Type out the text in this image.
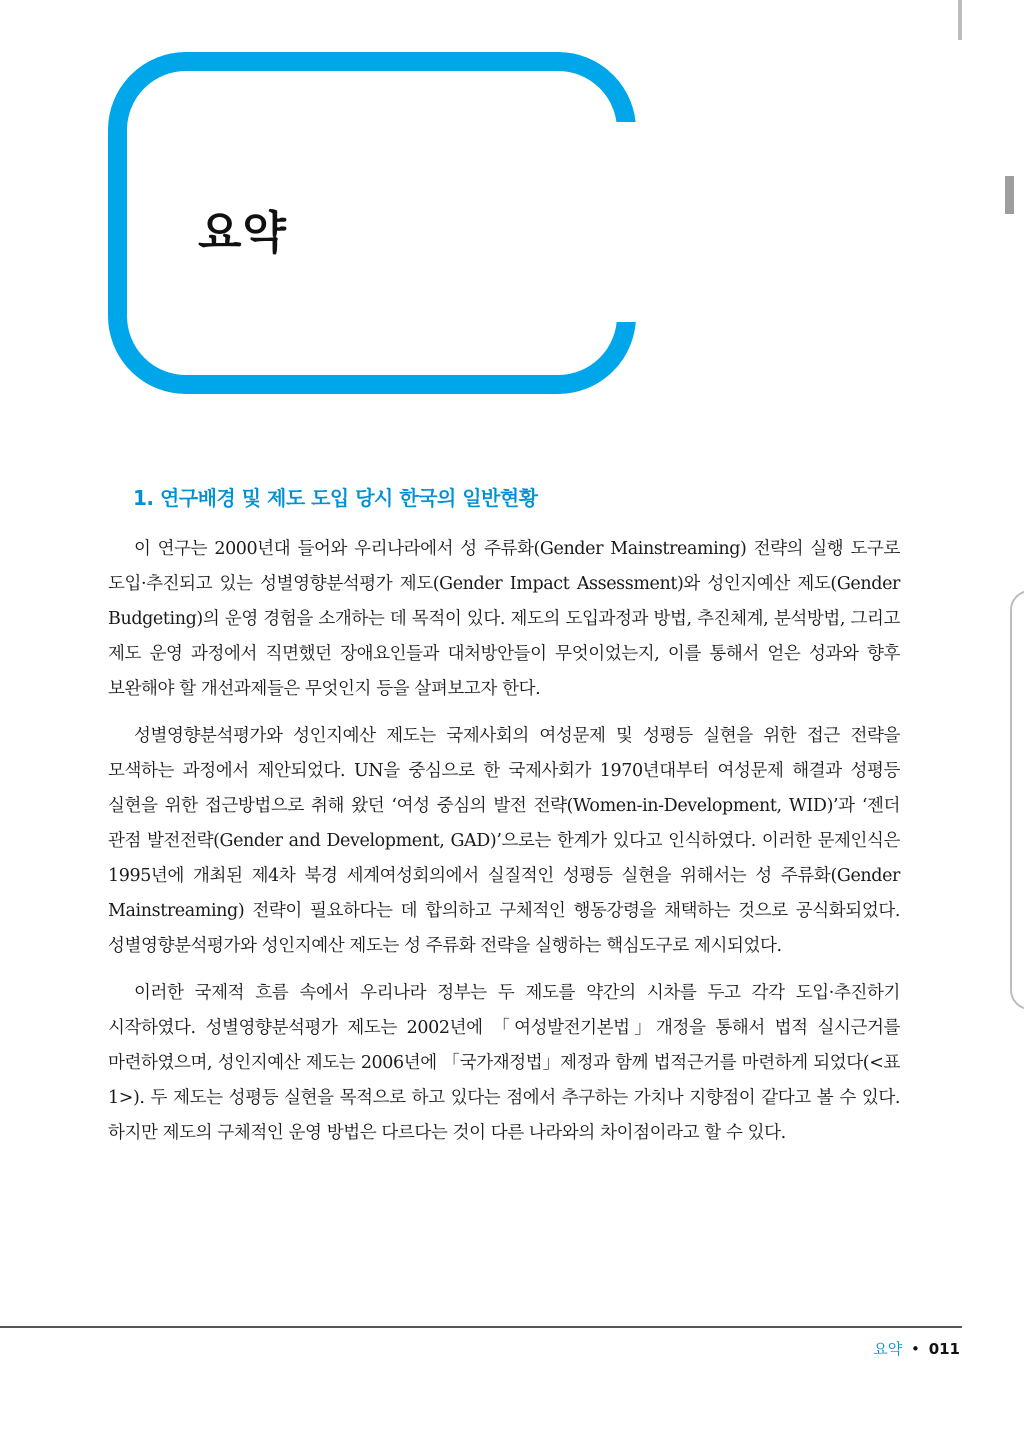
요약
1. 연구배경 및 제도 도입 당시 한국의 일반현황

이 연구는 2000년대 들어와 우리나라에서 성 주류화(Gender Mainstreaming) 전략의 실행 도구로 도입·추진되고 있는 성별영향분석평가 제도(Gender Impact Assessment)와 성인지예산 제도(Gender Budgeting)의 운영 경험을 소개하는 데 목적이 있다. 제도의 도입과정과 방법, 추진체계, 분석방법, 그리고 제도 운영 과정에서 직면했던 장애요인들과 대처방안들이 무엇이었는지, 이를 통해서 얻은 성과와 향후 보완해야 할 개선과제들은 무엇인지 등을 살펴보고자 한다.

성별영향분석평가와 성인지예산 제도는 국제사회의 여성문제 및 성평등 실현을 위한 접근 전략을 모색하는 과정에서 제안되었다. UN을 중심으로 한 국제사회가 1970년대부터 여성문제 해결과 성평등 실현을 위한 접근방법으로 취해 왔던 ‘여성 중심의 발전 전략(Women-in-Development, WID)’과 ‘젠더 관점 발전전략(Gender and Development, GAD)’으로는 한계가 있다고 인식하였다. 이러한 문제인식은 1995년에 개최된 제4차 북경 세계여성회의에서 실질적인 성평등 실현을 위해서는 성 주류화(Gender Mainstreaming) 전략이 필요하다는 데 합의하고 구체적인 행동강령을 채택하는 것으로 공식화되었다. 성별영향분석평가와 성인지예산 제도는 성 주류화 전략을 실행하는 핵심도구로 제시되었다.

이러한 국제적 흐름 속에서 우리나라 정부는 두 제도를 약간의 시차를 두고 각각 도입·추진하기 시작하였다. 성별영향분석평가 제도는 2002년에 「여성발전기본법」개정을 통해서 법적 실시근거를 마련하였으며, 성인지예산 제도는 2006년에 「국가재정법」제정과 함께 법적근거를 마련하게 되었다(<표 1>). 두 제도는 성평등 실현을 목적으로 하고 있다는 점에서 추구하는 가치나 지향점이 같다고 볼 수 있다. 하지만 제도의 구체적인 운영 방법은 다르다는 것이 다른 나라와의 차이점이라고 할 수 있다.

요약 • 011
